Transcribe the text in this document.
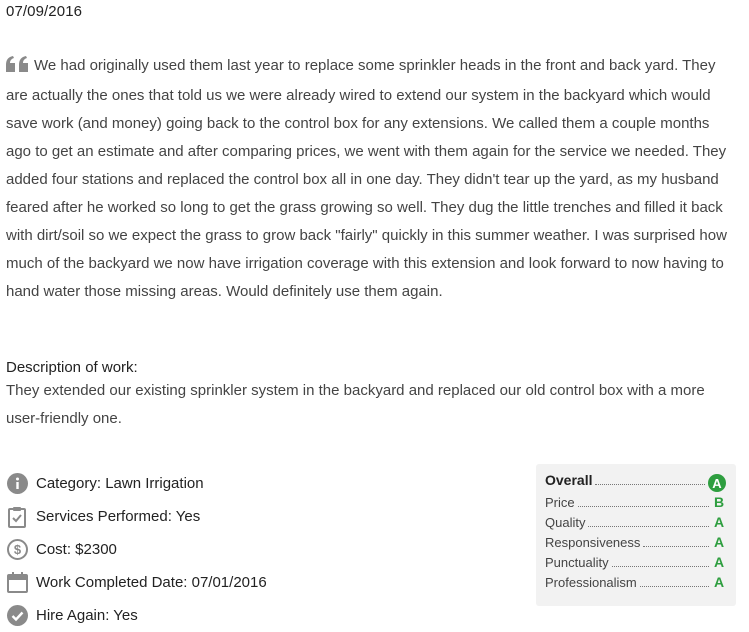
07/09/2016

We had originally used them last year to replace some sprinkler heads in the front and back yard. They are actually the ones that told us we were already wired to extend our system in the backyard which would save work (and money) going back to the control box for any extensions. We called them a couple months ago to get an estimate and after comparing prices, we went with them again for the service we needed. They added four stations and replaced the control box all in one day. They didn't tear up the yard, as my husband feared after he worked so long to get the grass growing so well. They dug the little trenches and filled it back with dirt/soil so we expect the grass to grow back "fairly" quickly in this summer weather. I was surprised how much of the backyard we now have irrigation coverage with this extension and look forward to now having to hand water those missing areas. Would definitely use them again.

Description of work:

They extended our existing sprinkler system in the backyard and replaced our old control box with a more user-friendly one.

Category: Lawn Irrigation
Services Performed: Yes
$ Cost: $2300
Work Completed Date: 07/01/2016
Hire Again: Yes
Overall	A
Price	B
Quality	A
Responsiveness	A
Punctuality	A
Professionalism	A
